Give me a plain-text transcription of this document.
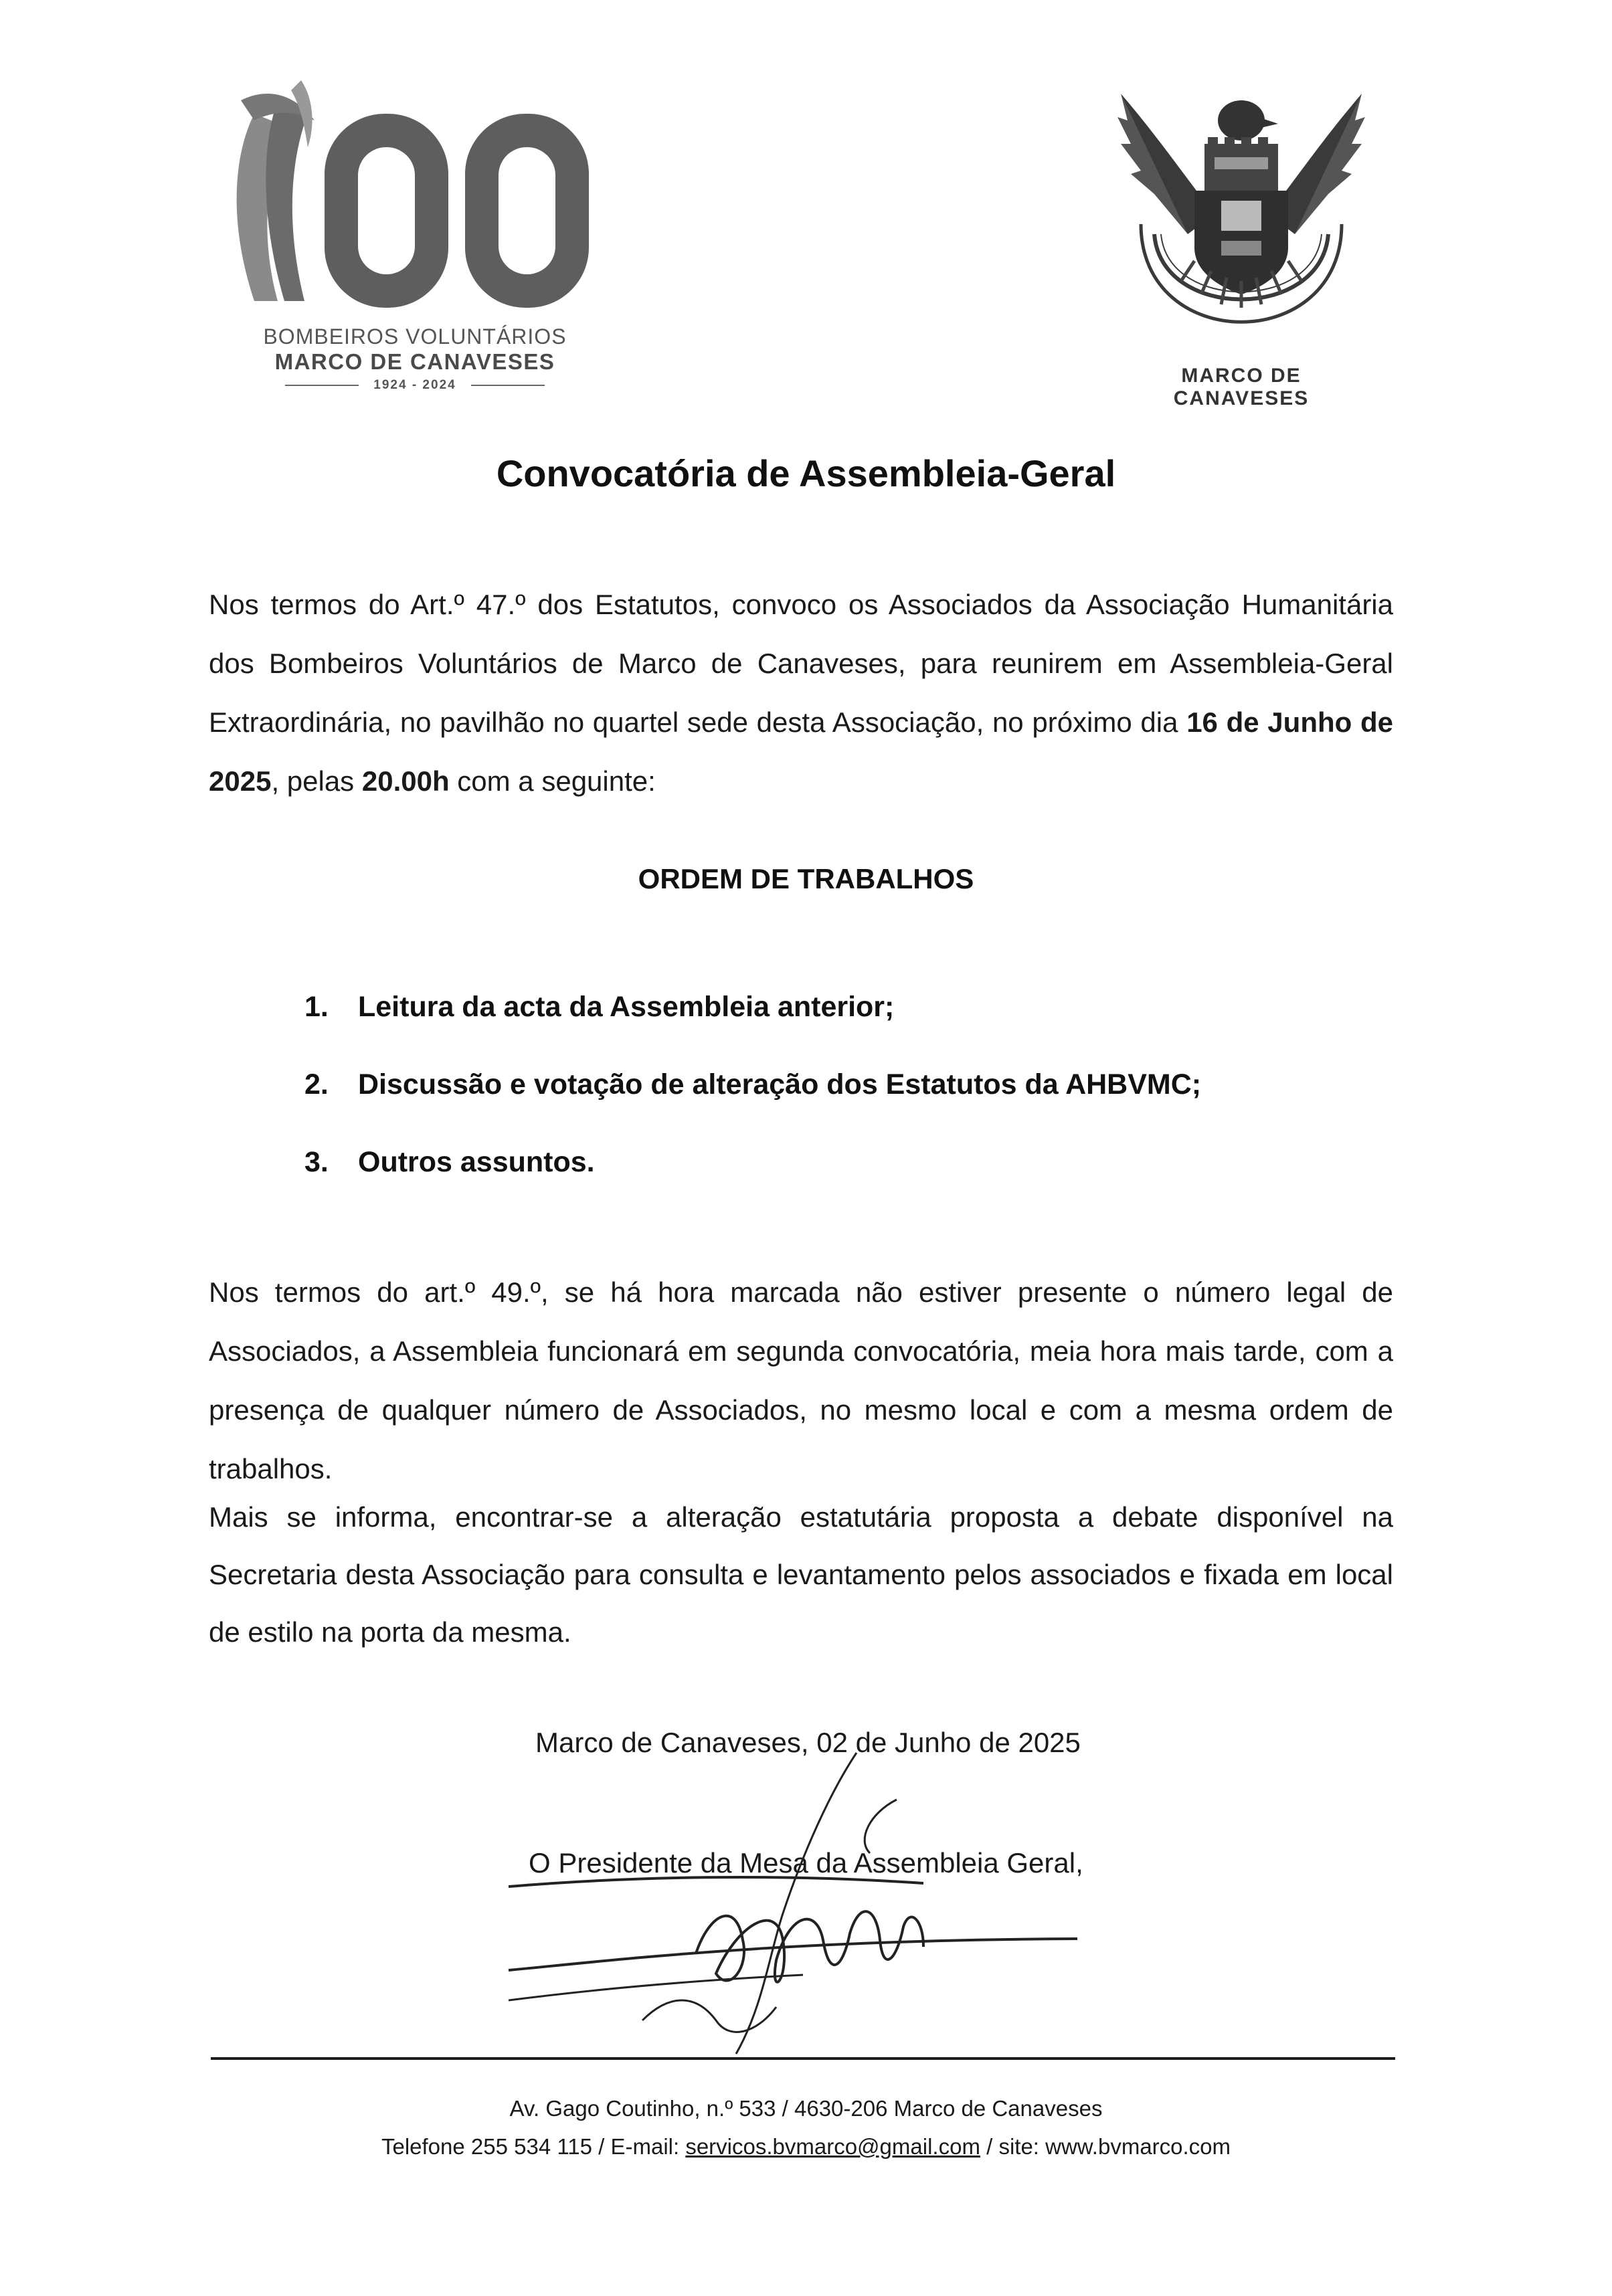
BOMBEIROS VOLUNTÁRIOS
MARCO DE CANAVESES
1924 - 2024	MARCO DE CANAVESES
Convocatória de Assembleia-Geral
Nos termos do Art.º 47.º dos Estatutos, convoco os Associados da Associação Humanitária dos Bombeiros Voluntários de Marco de Canaveses, para reunirem em Assembleia-Geral Extraordinária, no pavilhão no quartel sede desta Associação, no próximo dia 16 de Junho de 2025, pelas 20.00h com a seguinte:
ORDEM DE TRABALHOS
1. Leitura da acta da Assembleia anterior;
2. Discussão e votação de alteração dos Estatutos da AHBVMC;
3. Outros assuntos.
Nos termos do art.º 49.º, se há hora marcada não estiver presente o número legal de Associados, a Assembleia funcionará em segunda convocatória, meia hora mais tarde, com a presença de qualquer número de Associados, no mesmo local e com a mesma ordem de trabalhos.
Mais se informa, encontrar-se a alteração estatutária proposta a debate disponível na Secretaria desta Associação para consulta e levantamento pelos associados e fixada em local de estilo na porta da mesma.
Marco de Canaveses, 02 de Junho de 2025
O Presidente da Mesa da Assembleia Geral,
Av. Gago Coutinho, n.º 533 / 4630-206 Marco de Canaveses
Telefone 255 534 115 / E-mail: servicos.bvmarco@gmail.com / site: www.bvmarco.com
